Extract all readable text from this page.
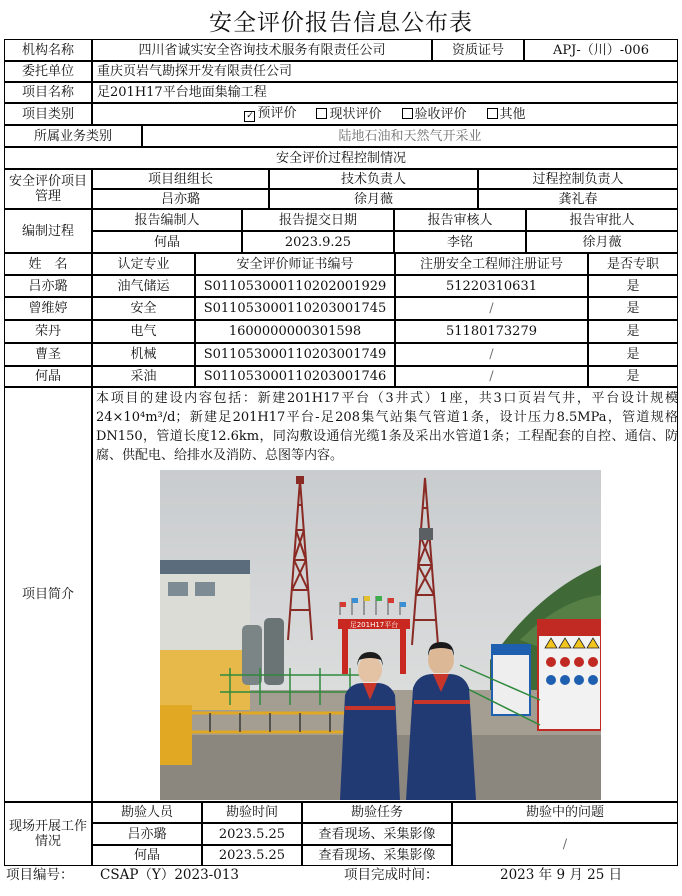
安全评价报告信息公布表
机构名称	四川省诚实安全咨询技术服务有限责任公司	资质证号	APJ-（川）-006
委托单位	重庆页岩气勘探开发有限责任公司
项目名称	足201H17平台地面集输工程
项目类别	✓ 预评价	现状评价	验收评价	其他
所属业务类别	陆地石油和天然气开采业
安全评价过程控制情况
安全评价项目管理
项目组组长	技术负责人	过程控制负责人
吕亦璐	徐月薇	龚礼春
编制过程
报告编制人	报告提交日期	报告审核人	报告审批人
何晶	2023.9.25	李铭	徐月薇
姓　名	认定专业	安全评价师证书编号	注册安全工程师注册证号	是否专职
吕亦璐	油气储运	S011053000110202001929	51220310631	是
曾维婷	安全	S011053000110203001745	/	是
荣丹	电气	1600000000301598	51180173279	是
曹圣	机械	S011053000110203001749	/	是
何晶	采油	S011053000110203001746	/	是
项目简介
本项目的建设内容包括：新建201H17平台（3井式）1座，共3口页岩气井，平台设计规模24×10⁴m³/d；新建足201H17平台-足208集气站集气管道1条，设计压力8.5MPa，管道规格DN150，管道长度12.6km，同沟敷设通信光缆1条及采出水管道1条；工程配套的自控、通信、防腐、供配电、给排水及消防、总图等内容。
足201H17平台
现场开展工作情况
勘验人员	勘验时间	勘验任务	勘验中的问题
吕亦璐	2023.5.25	查看现场、采集影像
何晶	2023.5.25	查看现场、采集影像
/
项目编号： CSAP（Y）2023-013	项目完成时间：	2023 年 9 月 25 日
